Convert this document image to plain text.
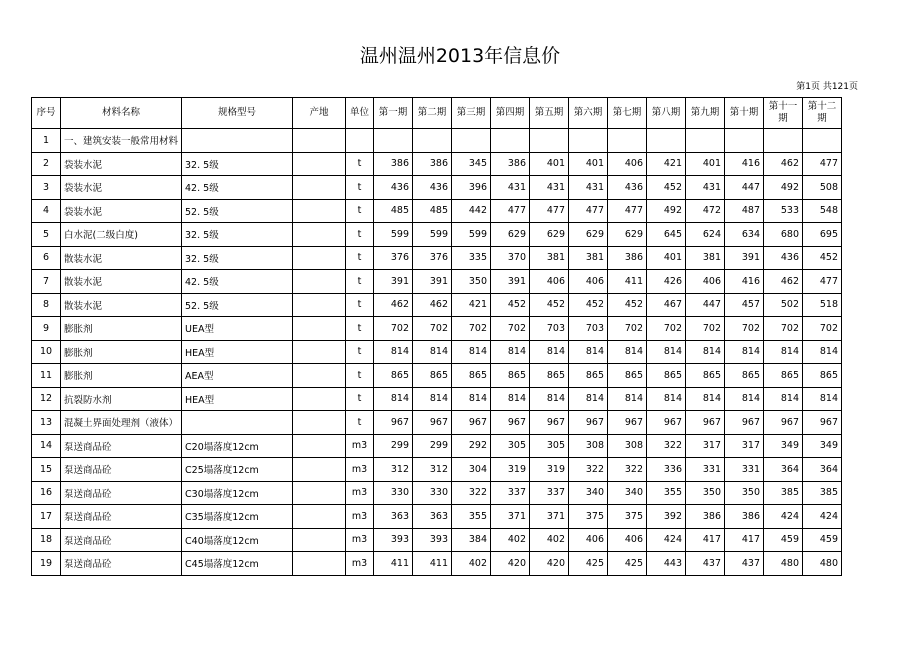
温州温州2013年信息价
第1页 共121页
序号	材料名称	规格型号	产地	单位	第一期	第二期	第三期	第四期	第五期	第六期	第七期	第八期	第九期	第十期	第十一期	第十二期
1	一、建筑安装一般常用材料															
2	袋装水泥	32. 5级		t	386	386	345	386	401	401	406	421	401	416	462	477
3	袋装水泥	42. 5级		t	436	436	396	431	431	431	436	452	431	447	492	508
4	袋装水泥	52. 5级		t	485	485	442	477	477	477	477	492	472	487	533	548
5	白水泥(二级白度)	32. 5级		t	599	599	599	629	629	629	629	645	624	634	680	695
6	散装水泥	32. 5级		t	376	376	335	370	381	381	386	401	381	391	436	452
7	散装水泥	42. 5级		t	391	391	350	391	406	406	411	426	406	416	462	477
8	散装水泥	52. 5级		t	462	462	421	452	452	452	452	467	447	457	502	518
9	膨胀剂	UEA型		t	702	702	702	702	703	703	702	702	702	702	702	702
10	膨胀剂	HEA型		t	814	814	814	814	814	814	814	814	814	814	814	814
11	膨胀剂	AEA型		t	865	865	865	865	865	865	865	865	865	865	865	865
12	抗裂防水剂	HEA型		t	814	814	814	814	814	814	814	814	814	814	814	814
13	混凝土界面处理剂（液体）			t	967	967	967	967	967	967	967	967	967	967	967	967
14	泵送商品砼	C20塌落度12cm		m3	299	299	292	305	305	308	308	322	317	317	349	349
15	泵送商品砼	C25塌落度12cm		m3	312	312	304	319	319	322	322	336	331	331	364	364
16	泵送商品砼	C30塌落度12cm		m3	330	330	322	337	337	340	340	355	350	350	385	385
17	泵送商品砼	C35塌落度12cm		m3	363	363	355	371	371	375	375	392	386	386	424	424
18	泵送商品砼	C40塌落度12cm		m3	393	393	384	402	402	406	406	424	417	417	459	459
19	泵送商品砼	C45塌落度12cm		m3	411	411	402	420	420	425	425	443	437	437	480	480
